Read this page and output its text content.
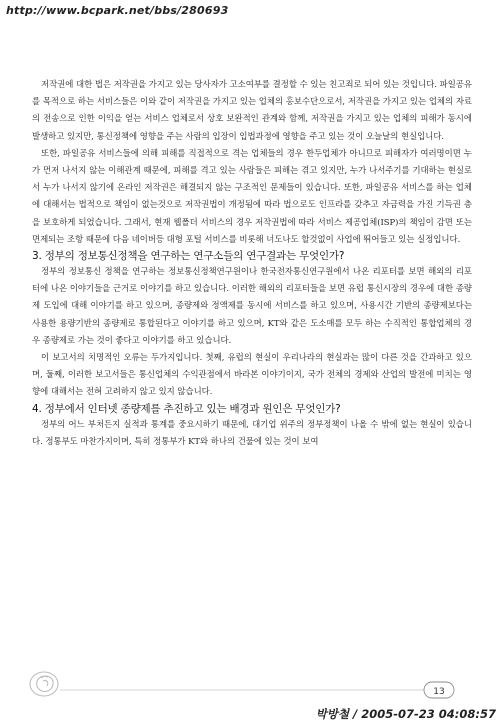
http://www.bcpark.net/bbs/280693

저작권에 대한 법은 저작권을 가지고 있는 당사자가 고소여부를 결정할 수 있는 친고죄로 되어 있는 것입니다. 파일공유를 목적으로 하는 서비스들은 이와 같이 저작권을 가지고 있는 업체의 홍보수단으로서, 저작권을 가지고 있는 업체의 자료의 전송으로 인한 이익을 얻는 서비스 업체로서 상호 보완적인 관계와 함께, 저작권을 가지고 있는 업체의 피해가 동시에 발생하고 있지만, 통신정책에 영향을 주는 사람의 입장이 입법과정에 영향을 주고 있는 것이 오늘날의 현실입니다.

또한, 파일공유 서비스들에 의해 피해를 직접적으로 격는 업체들의 경우 한두업체가 아니므로 피해자가 여러명이면 누가 먼저 나서지 않는 이해관계 때문에, 피해를 격고 있는 사람들은 피해는 겪고 있지만, 누가 나서주기를 기대하는 현실로서 누가 나서지 않기에 온라인 저작권은 해결되지 않는 구조적인 문제들이 있습니다. 또한, 파일공유 서비스를 하는 업체에 대해서는 법적으로 책임이 없는것으로 저작권법이 개정됨에 따라 법으로도 인프라를 갖추고 자금력을 가진 기득권 층을 보호하게 되었습니다. 그래서, 현재 웹폴더 서비스의 경우 저작권법에 따라 서비스 제공업체(ISP)의 책임이 감면 또는 면제되는 조항 때문에 다음 네이버등 대형 포털 서비스를 비롯해 너도나도 할것없이 사업에 뛰어들고 있는 실정입니다.

3. 정부의 정보통신정책을 연구하는 연구소들의 연구결과는 무엇인가?

정부의 정보통신 정책을 연구하는 정보통신정책연구원이나 한국전자통신연구원에서 나온 리포터를 보면 해외의 리포터에 나온 이야기들을 근거로 이야기를 하고 있습니다. 이러한 해외의 리포터들을 보면 유럽 통신시장의 경우에 대한 종량제 도입에 대해 이야기를 하고 있으며, 종량제와 정액제를 동시에 서비스를 하고 있으며, 사용시간 기반의 종량제보다는 사용한 용량기반의 종량제로 통합된다고 이야기를 하고 있으며, KT와 같은 도소매를 모두 하는 수직적인 통합업체의 경우 종량제로 가는 것이 좋다고 이야기를 하고 있습니다.

이 보고서의 치명적인 오류는 두가지입니다. 첫째, 유럽의 현실이 우리나라의 현실과는 많이 다른 것을 간과하고 있으며, 둘째, 이러한 보고서들은 통신업체의 수익관점에서 바라본 이야기이지, 국가 전체의 경제와 산업의 발전에 미치는 영향에 대해서는 전혀 고려하지 않고 있지 않습니다.

4. 정부에서 인터넷 종량제를 추진하고 있는 배경과 원인은 무엇인가?

정부의 어느 부처든지 실적과 통계를 중요시하기 때문에, 대기업 위주의 정부정책이 나올 수 밖에 없는 현실이 있습니다. 정통부도 마찬가지이며, 특히 정통부가 KT와 하나의 건물에 있는 것이 보여

13
박방철 / 2005-07-23 04:08:57
